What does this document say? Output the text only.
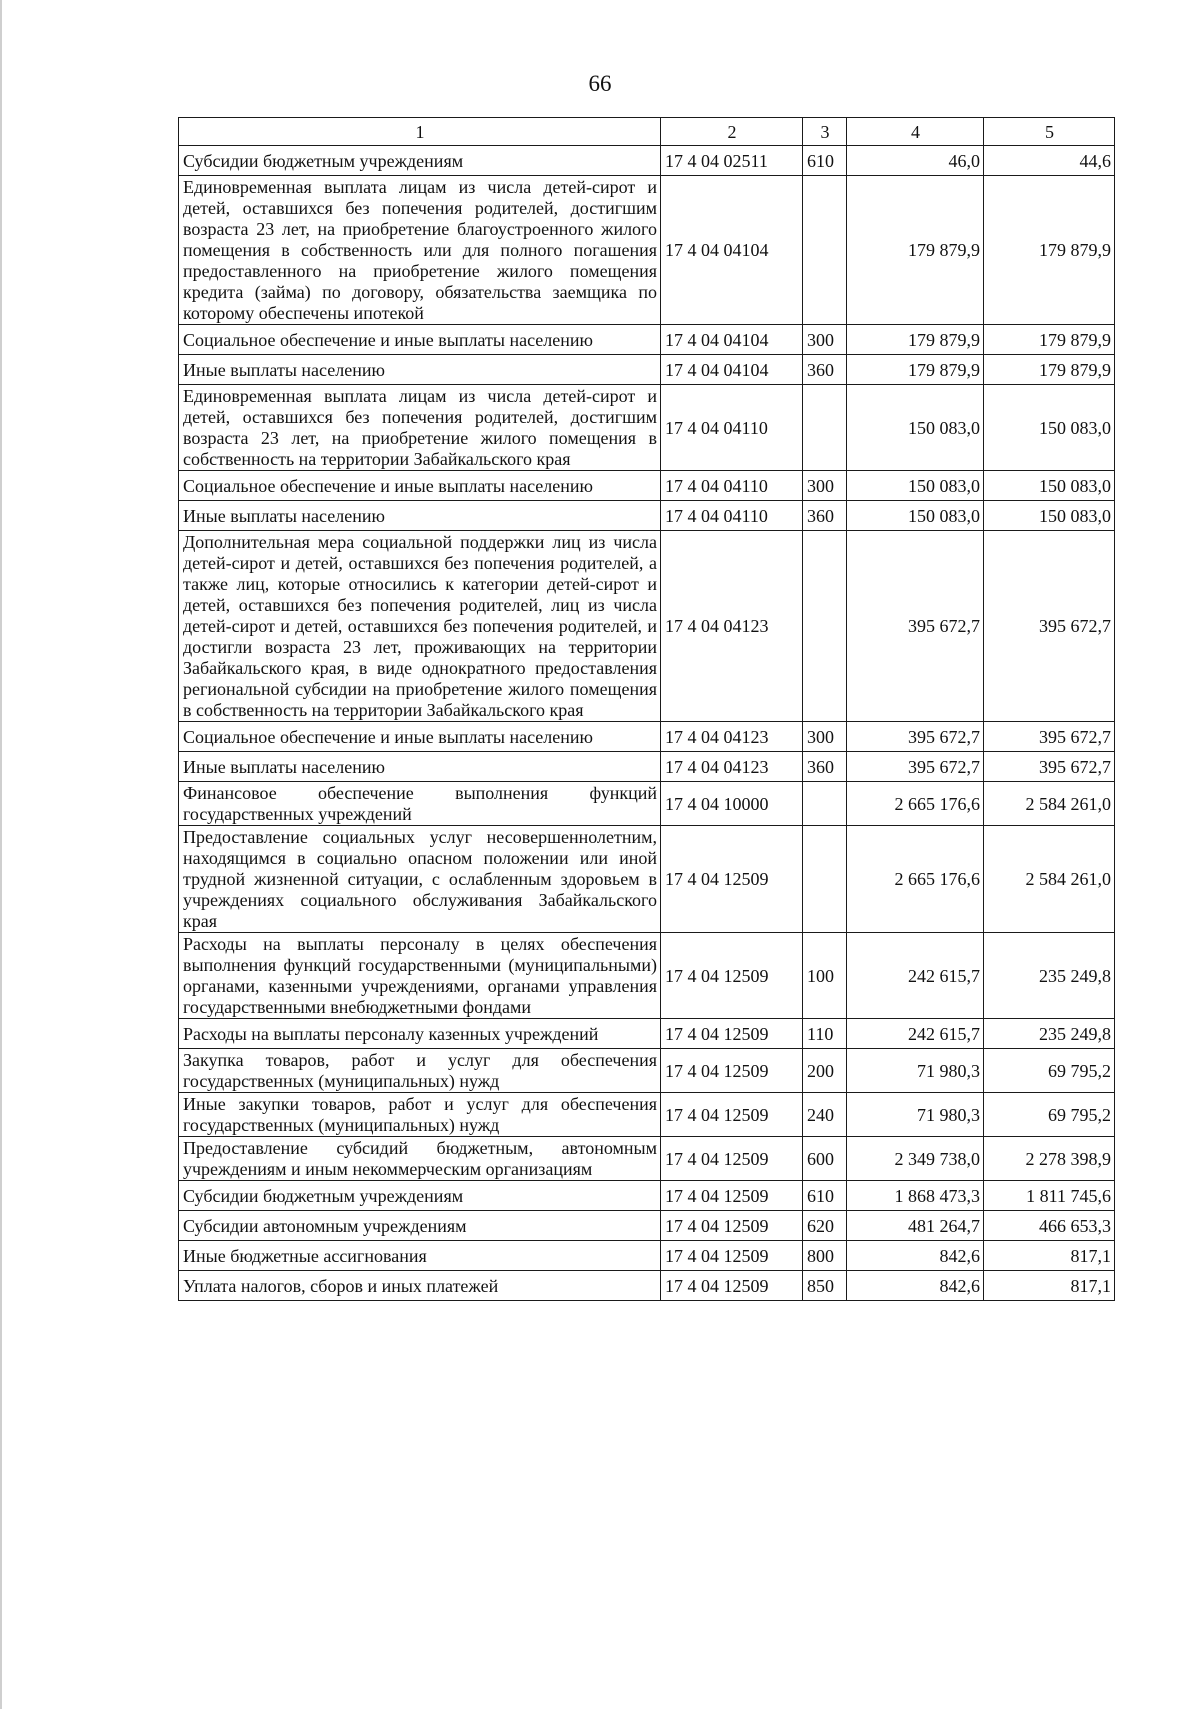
66
1	2	3	4	5
Субсидии бюджетным учреждениям	17 4 04 02511	610	46,0	44,6
Единовременная выплата лицам из числа детей-сирот и детей, оставшихся без попечения родителей, достигшим возраста 23 лет, на приобретение благоустроенного жилого помещения в собственность или для полного погашения предоставленного на приобретение жилого помещения кредита (займа) по договору, обязательства заемщика по которому обеспечены ипотекой	17 4 04 04104		179 879,9	179 879,9
Социальное обеспечение и иные выплаты населению	17 4 04 04104	300	179 879,9	179 879,9
Иные выплаты населению	17 4 04 04104	360	179 879,9	179 879,9
Единовременная выплата лицам из числа детей-сирот и детей, оставшихся без попечения родителей, достигшим возраста 23 лет, на приобретение жилого помещения в собственность на территории Забайкальского края	17 4 04 04110		150 083,0	150 083,0
Социальное обеспечение и иные выплаты населению	17 4 04 04110	300	150 083,0	150 083,0
Иные выплаты населению	17 4 04 04110	360	150 083,0	150 083,0
Дополнительная мера социальной поддержки лиц из числа детей-сирот и детей, оставшихся без попечения родителей, а также лиц, которые относились к категории детей-сирот и детей, оставшихся без попечения родителей, лиц из числа детей-сирот и детей, оставшихся без попечения родителей, и достигли возраста 23 лет, проживающих на территории Забайкальского края, в виде однократного предоставления региональной субсидии на приобретение жилого помещения в собственность на территории Забайкальского края	17 4 04 04123		395 672,7	395 672,7
Социальное обеспечение и иные выплаты населению	17 4 04 04123	300	395 672,7	395 672,7
Иные выплаты населению	17 4 04 04123	360	395 672,7	395 672,7
Финансовое обеспечение выполнения функций государственных учреждений	17 4 04 10000		2 665 176,6	2 584 261,0
Предоставление социальных услуг несовершеннолетним, находящимся в социально опасном положении или иной трудной жизненной ситуации, с ослабленным здоровьем в учреждениях социального обслуживания Забайкальского края	17 4 04 12509		2 665 176,6	2 584 261,0
Расходы на выплаты персоналу в целях обеспечения выполнения функций государственными (муниципальными) органами, казенными учреждениями, органами управления государственными внебюджетными фондами	17 4 04 12509	100	242 615,7	235 249,8
Расходы на выплаты персоналу казенных учреждений	17 4 04 12509	110	242 615,7	235 249,8
Закупка товаров, работ и услуг для обеспечения государственных (муниципальных) нужд	17 4 04 12509	200	71 980,3	69 795,2
Иные закупки товаров, работ и услуг для обеспечения государственных (муниципальных) нужд	17 4 04 12509	240	71 980,3	69 795,2
Предоставление субсидий бюджетным, автономным учреждениям и иным некоммерческим организациям	17 4 04 12509	600	2 349 738,0	2 278 398,9
Субсидии бюджетным учреждениям	17 4 04 12509	610	1 868 473,3	1 811 745,6
Субсидии автономным учреждениям	17 4 04 12509	620	481 264,7	466 653,3
Иные бюджетные ассигнования	17 4 04 12509	800	842,6	817,1
Уплата налогов, сборов и иных платежей	17 4 04 12509	850	842,6	817,1
